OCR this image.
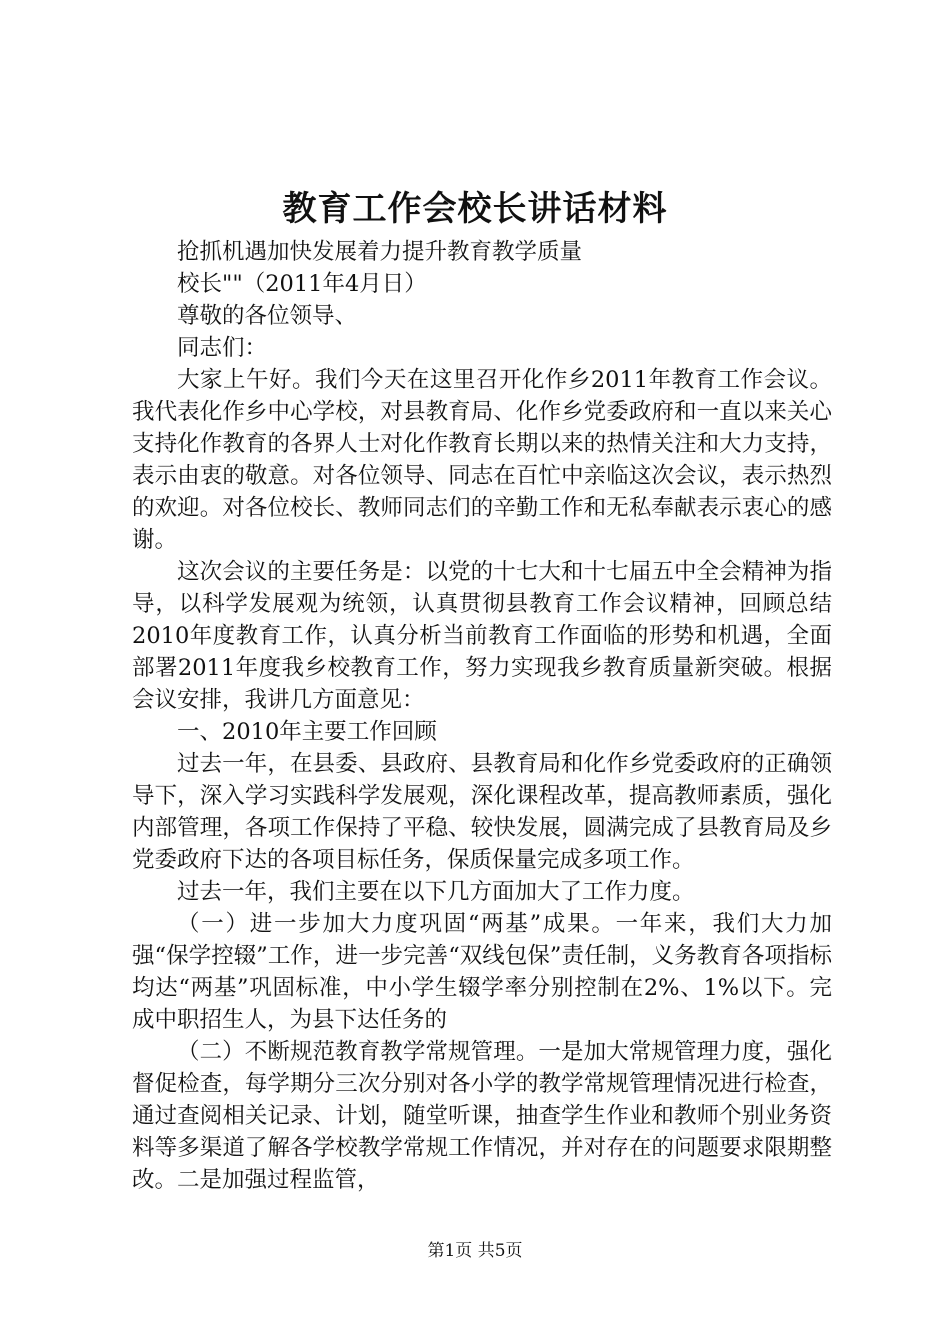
教育工作会校长讲话材料

抢抓机遇加快发展着力提升教育教学质量

校长""（2011年4月日）

尊敬的各位领导、

同志们：

大家上午好。我们今天在这里召开化作乡2011年教育工作会议。我代表化作乡中心学校，对县教育局、化作乡党委政府和一直以来关心支持化作教育的各界人士对化作教育长期以来的热情关注和大力支持，表示由衷的敬意。对各位领导、同志在百忙中亲临这次会议，表示热烈的欢迎。对各位校长、教师同志们的辛勤工作和无私奉献表示衷心的感谢。

这次会议的主要任务是：以党的十七大和十七届五中全会精神为指导，以科学发展观为统领，认真贯彻县教育工作会议精神，回顾总结2010年度教育工作，认真分析当前教育工作面临的形势和机遇，全面部署2011年度我乡校教育工作，努力实现我乡教育质量新突破。根据会议安排，我讲几方面意见：

一、2010年主要工作回顾

过去一年，在县委、县政府、县教育局和化作乡党委政府的正确领导下，深入学习实践科学发展观，深化课程改革，提高教师素质，强化内部管理，各项工作保持了平稳、较快发展，圆满完成了县教育局及乡党委政府下达的各项目标任务，保质保量完成多项工作。

过去一年，我们主要在以下几方面加大了工作力度。

（一）进一步加大力度巩固“两基”成果。一年来，我们大力加强“保学控辍”工作，进一步完善“双线包保”责任制，义务教育各项指标均达“两基”巩固标准，中小学生辍学率分别控制在2%、1%以下。完成中职招生人，为县下达任务的

（二）不断规范教育教学常规管理。一是加大常规管理力度，强化督促检查，每学期分三次分别对各小学的教学常规管理情况进行检查，通过查阅相关记录、计划，随堂听课，抽查学生作业和教师个别业务资料等多渠道了解各学校教学常规工作情况，并对存在的问题要求限期整改。二是加强过程监管，

第1页 共5页
